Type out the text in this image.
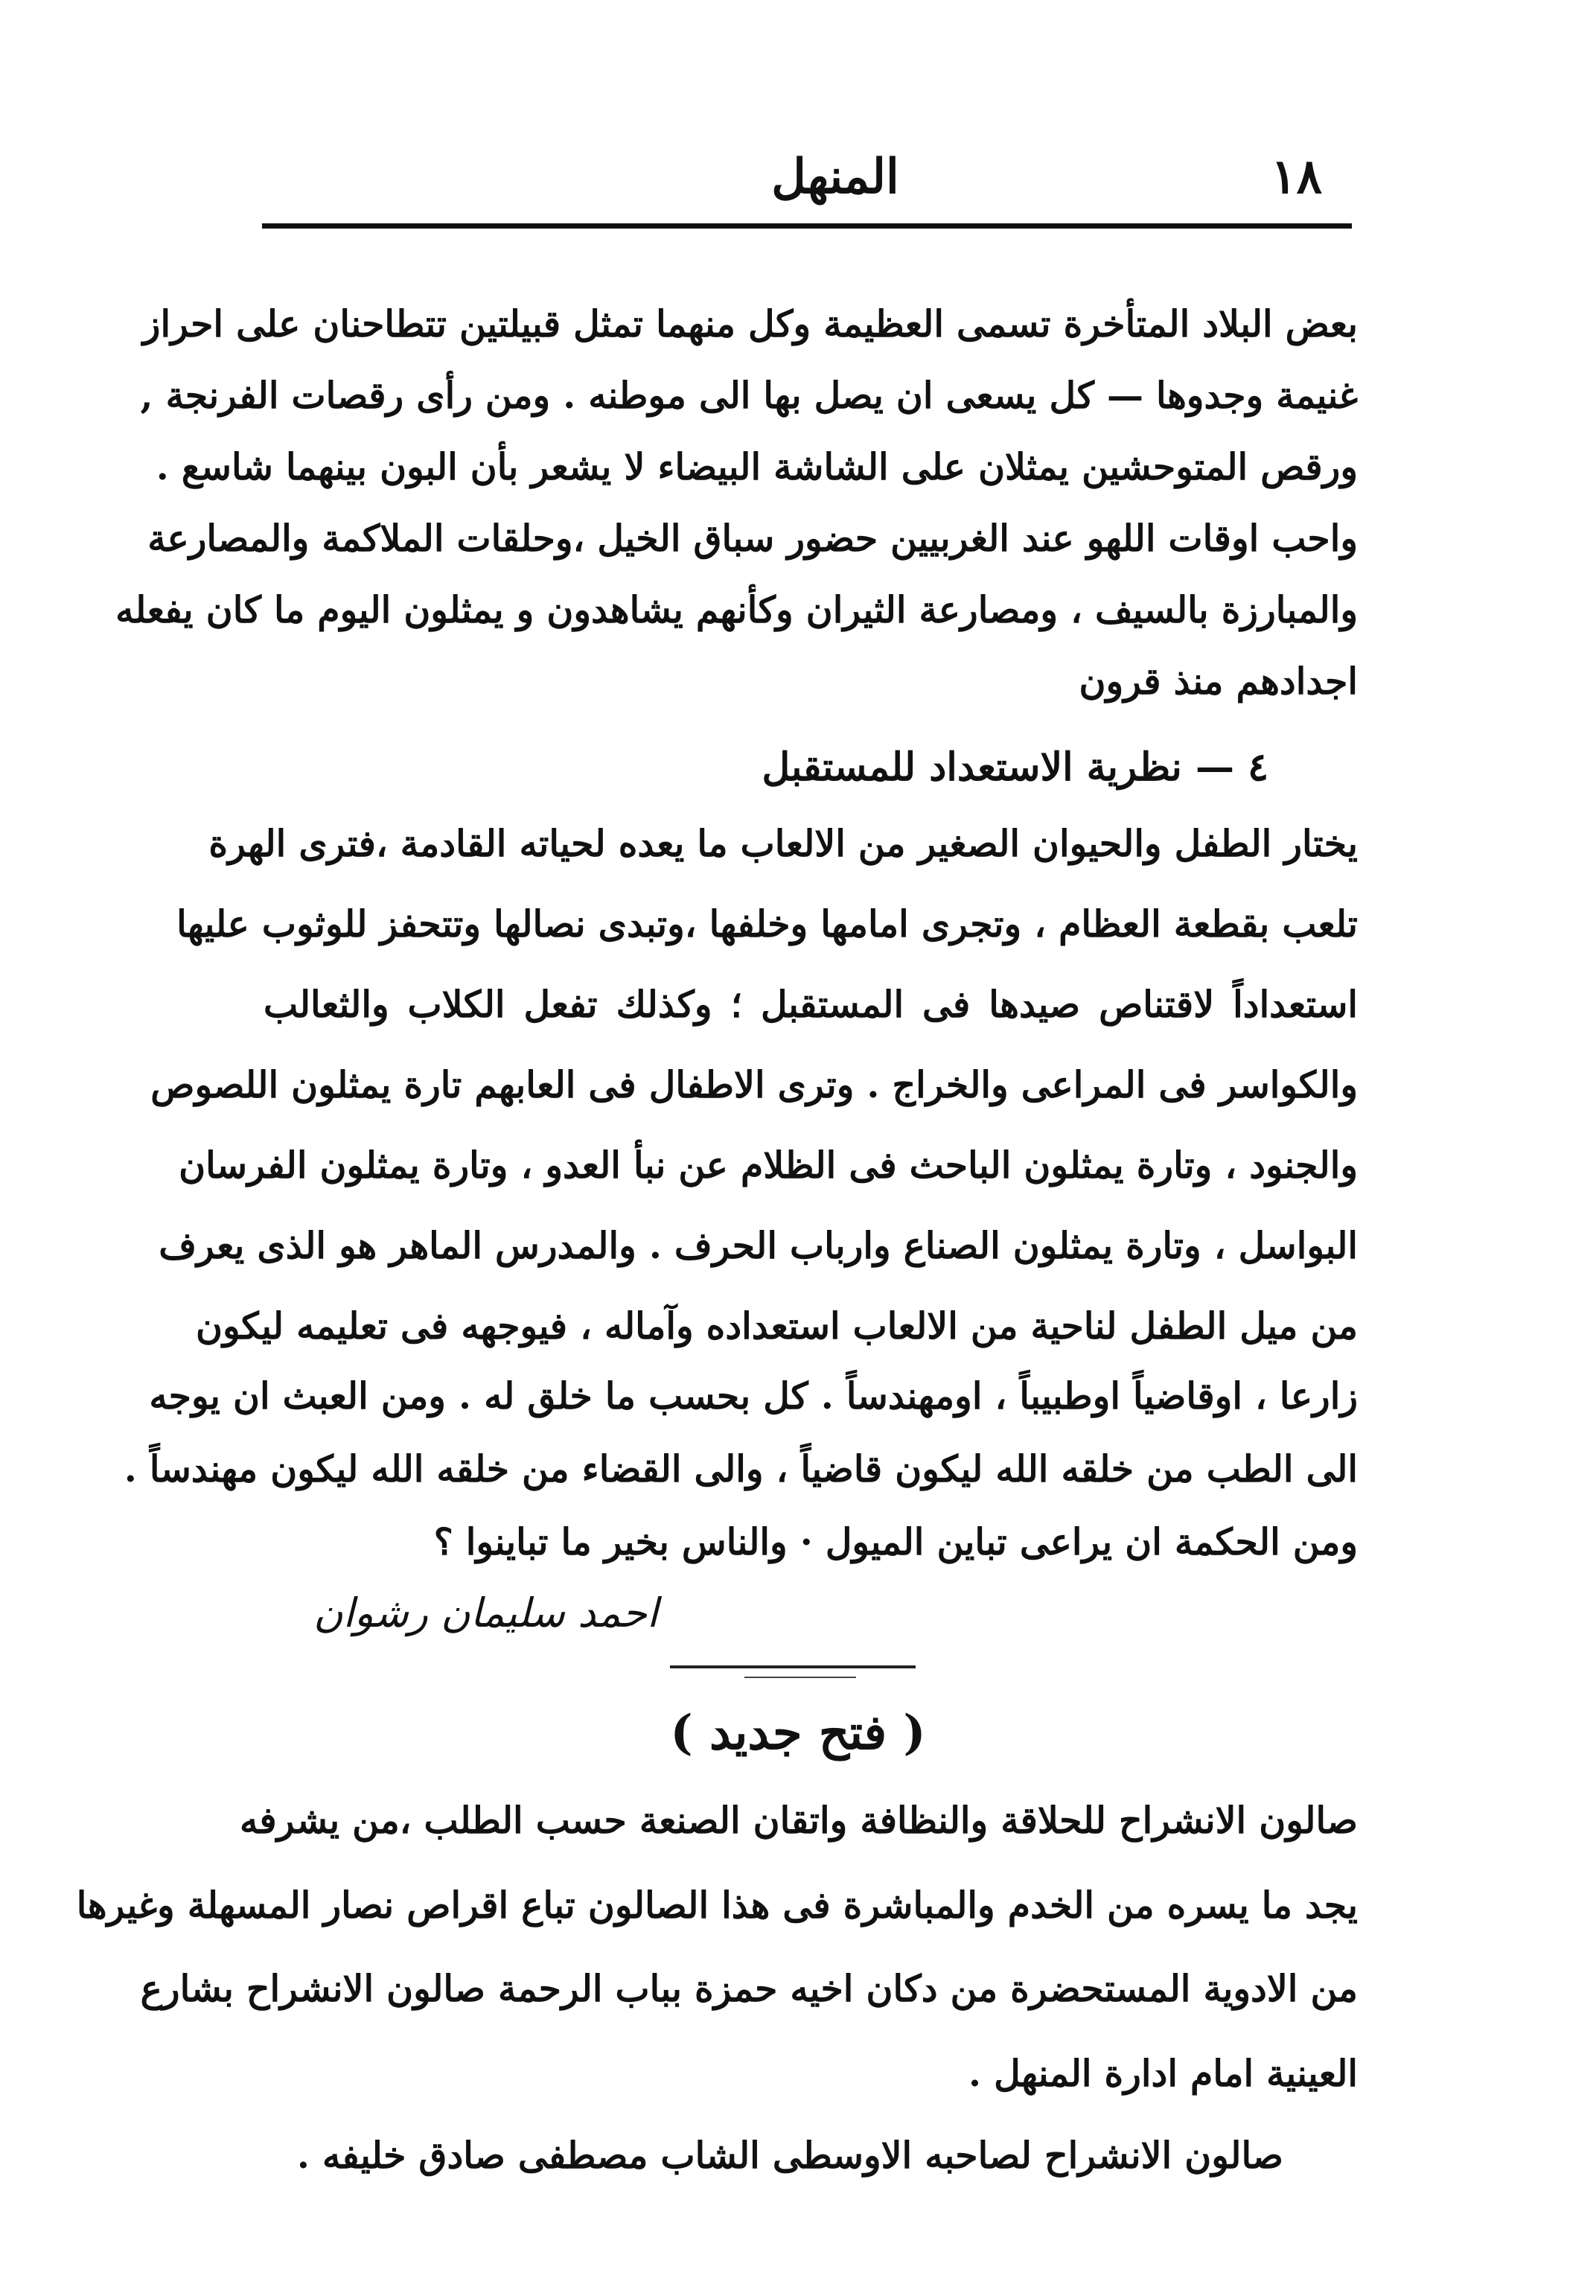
١٨
المنهل
بعض البلاد المتأخرة تسمى العظيمة وكل منهما تمثل قبيلتين تتطاحنان على احراز
غنيمة وجدوها — كل يسعى ان يصل بها الى موطنه . ومن رأى رقصات الفرنجة ,
ورقص المتوحشين يمثلان على الشاشة البيضاء لا يشعر بأن البون بينهما شاسع .
واحب اوقات اللهو عند الغربيين حضور سباق الخيل ،وحلقات الملاكمة والمصارعة
والمبارزة بالسيف ، ومصارعة الثيران وكأنهم يشاهدون و يمثلون اليوم ما كان يفعله
اجدادهم منذ قرون
٤ — نظرية الاستعداد للمستقبل
يختار الطفل والحيوان الصغير من الالعاب ما يعده لحياته القادمة ،فترى الهرة
تلعب بقطعة العظام ، وتجرى امامها وخلفها ،وتبدى نصالها وتتحفز للوثوب عليها
استعداداً لاقتناص صيدها فى المستقبل ؛ وكذلك تفعل الكلاب والثعالب
والكواسر فى المراعى والخراج . وترى الاطفال فى العابهم تارة يمثلون اللصوص
والجنود ، وتارة يمثلون الباحث فى الظلام عن نبأ العدو ، وتارة يمثلون الفرسان
البواسل ، وتارة يمثلون الصناع وارباب الحرف . والمدرس الماهر هو الذى يعرف
من ميل الطفل لناحية من الالعاب استعداده وآماله ، فيوجهه فى تعليمه ليكون
زارعا ، اوقاضياً اوطبيباً ، اومهندساً . كل بحسب ما خلق له . ومن العبث ان يوجه
الى الطب من خلقه الله ليكون قاضياً ، والى القضاء من خلقه الله ليكون مهندساً .
ومن الحكمة ان يراعى تباين الميول · والناس بخير ما تباينوا ؟
احمد سليمان رشوان
( فتح جديد )
صالون الانشراح للحلاقة والنظافة واتقان الصنعة حسب الطلب ،من يشرفه
يجد ما يسره من الخدم والمباشرة فى هذا الصالون تباع اقراص نصار المسهلة وغيرها
من الادوية المستحضرة من دكان اخيه حمزة بباب الرحمة صالون الانشراح بشارع
العينية امام ادارة المنهل .
صالون الانشراح لصاحبه الاوسطى الشاب مصطفى صادق خليفه .
